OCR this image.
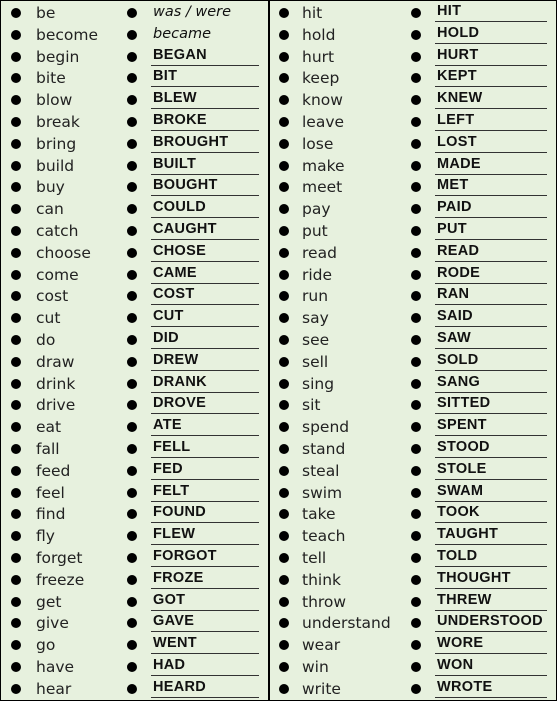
be	was / were
become	became
begin	BEGAN
bite	BIT
blow	BLEW
break	BROKE
bring	BROUGHT
build	BUILT
buy	BOUGHT
can	COULD
catch	CAUGHT
choose	CHOSE
come	CAME
cost	COST
cut	CUT
do	DID
draw	DREW
drink	DRANK
drive	DROVE
eat	ATE
fall	FELL
feed	FED
feel	FELT
find	FOUND
fly	FLEW
forget	FORGOT
freeze	FROZE
get	GOT
give	GAVE
go	WENT
have	HAD
hear	HEARD
hit	HIT
hold	HOLD
hurt	HURT
keep	KEPT
know	KNEW
leave	LEFT
lose	LOST
make	MADE
meet	MET
pay	PAID
put	PUT
read	READ
ride	RODE
run	RAN
say	SAID
see	SAW
sell	SOLD
sing	SANG
sit	SITTED
spend	SPENT
stand	STOOD
steal	STOLE
swim	SWAM
take	TOOK
teach	TAUGHT
tell	TOLD
think	THOUGHT
throw	THREW
understand	UNDERSTOOD
wear	WORE
win	WON
write	WROTE
